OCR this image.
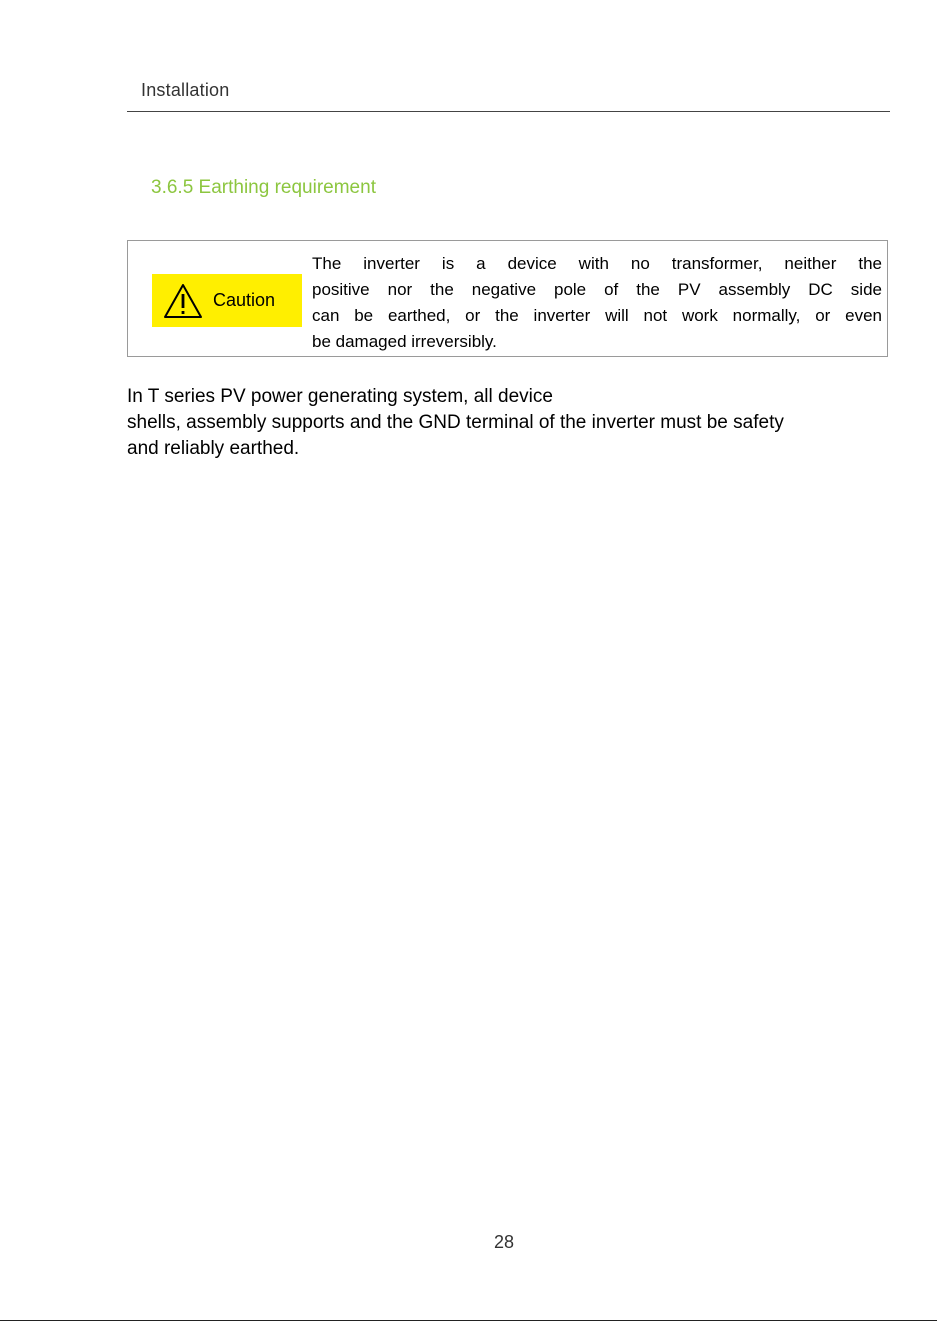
Installation
3.6.5 Earthing requirement
Caution
The inverter is a device with no transformer, neither the
positive nor the negative pole of the PV assembly DC side
can be earthed, or the inverter will not work normally, or even
be damaged irreversibly.
In T series PV power generating system, all device
shells, assembly supports and the GND terminal of the inverter must be safety
and reliably earthed.
28
